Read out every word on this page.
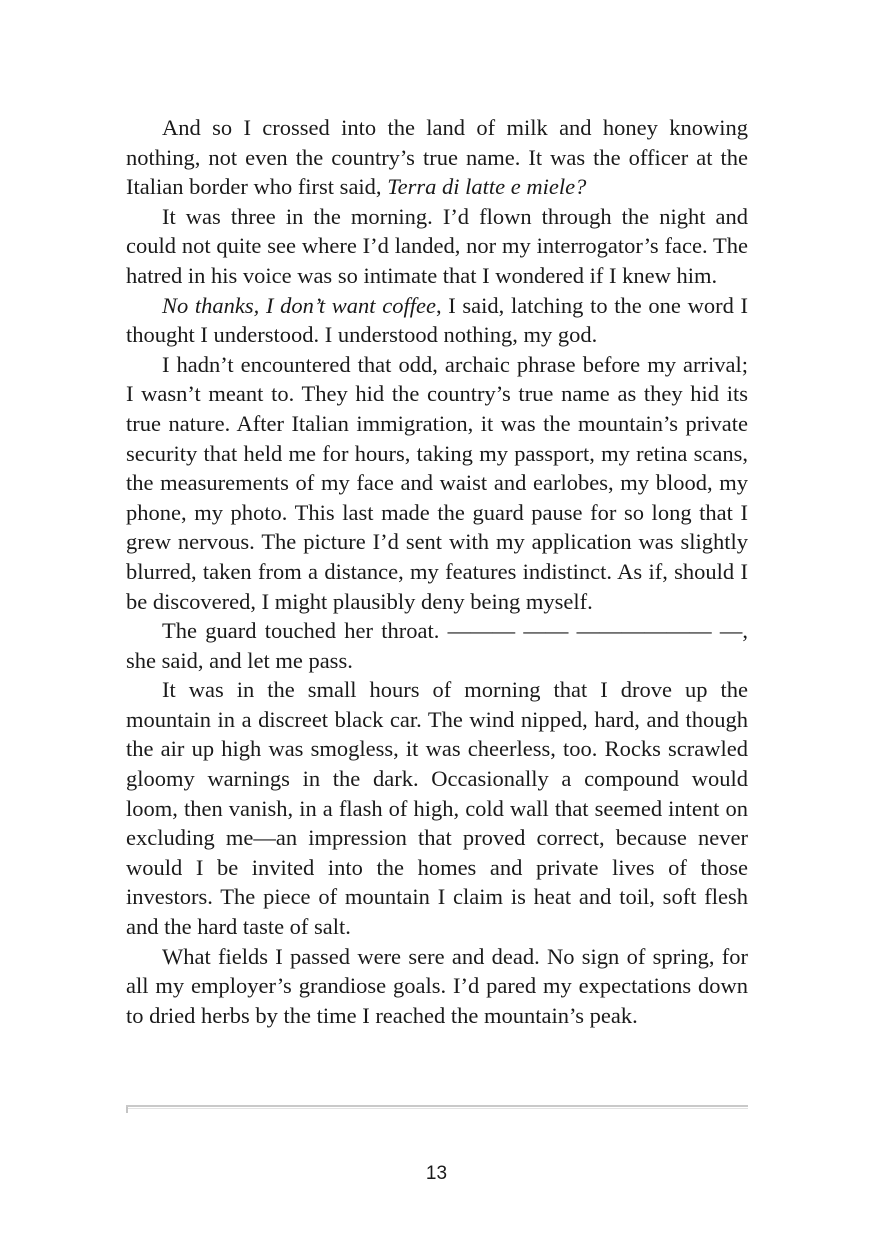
And so I crossed into the land of milk and honey knowing nothing, not even the country’s true name. It was the officer at the Italian border who first said, Terra di latte e miele?

It was three in the morning. I’d flown through the night and could not quite see where I’d landed, nor my interrogator’s face. The hatred in his voice was so intimate that I wondered if I knew him.

No thanks, I don’t want coffee, I said, latching to the one word I thought I understood. I understood nothing, my god.

I hadn’t encountered that odd, archaic phrase before my arrival; I wasn’t meant to. They hid the country’s true name as they hid its true nature. After Italian immigration, it was the mountain’s private security that held me for hours, taking my passport, my retina scans, the measurements of my face and waist and earlobes, my blood, my phone, my photo. This last made the guard pause for so long that I grew nervous. The picture I’d sent with my application was slightly blurred, taken from a distance, my features indistinct. As if, should I be discovered, I might plausibly deny being myself.

The guard touched her throat. ——— —— —————— —, she said, and let me pass.

It was in the small hours of morning that I drove up the mountain in a discreet black car. The wind nipped, hard, and though the air up high was smogless, it was cheerless, too. Rocks scrawled gloomy warnings in the dark. Occasionally a compound would loom, then vanish, in a flash of high, cold wall that seemed intent on excluding me—an impression that proved correct, because never would I be invited into the homes and private lives of those investors. The piece of mountain I claim is heat and toil, soft flesh and the hard taste of salt.

What fields I passed were sere and dead. No sign of spring, for all my employer’s grandiose goals. I’d pared my expectations down to dried herbs by the time I reached the mountain’s peak.

13
